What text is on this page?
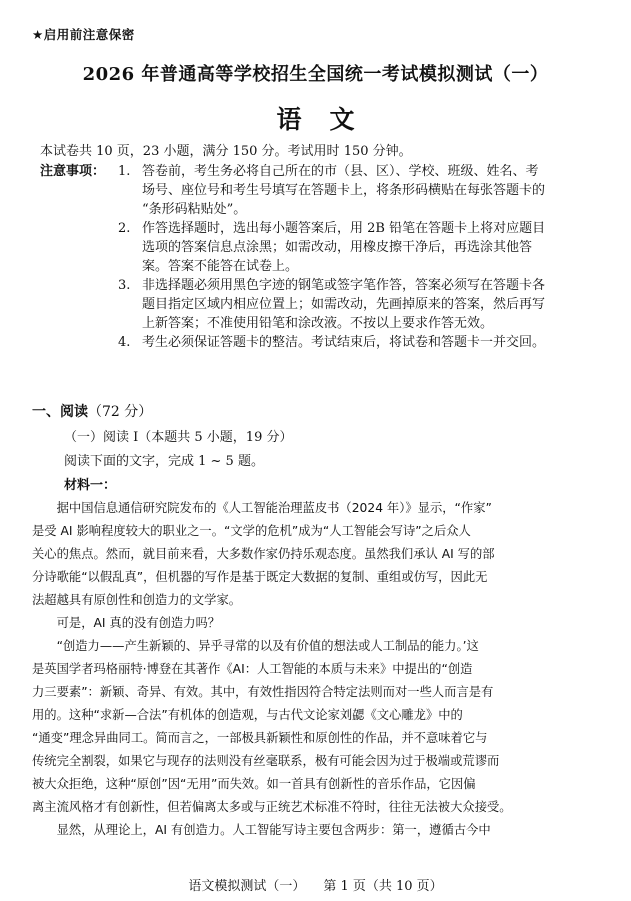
★启用前注意保密
2026 年普通高等学校招生全国统一考试模拟测试（一）
语文
本试卷共 10 页，23 小题，满分 150 分。考试用时 150 分钟。
注意事项： 1. 答卷前，考生务必将自己所在的市（县、区）、学校、班级、姓名、考
场号、座位号和考生号填写在答题卡上，将条形码横贴在每张答题卡的
“条形码粘贴处”。
2. 作答选择题时，选出每小题答案后，用 2B 铅笔在答题卡上将对应题目
选项的答案信息点涂黑；如需改动，用橡皮擦干净后，再选涂其他答
案。答案不能答在试卷上。
3. 非选择题必须用黑色字迹的钢笔或签字笔作答，答案必须写在答题卡各
题目指定区域内相应位置上；如需改动，先画掉原来的答案，然后再写
上新答案；不准使用铅笔和涂改液。不按以上要求作答无效。
4. 考生必须保证答题卡的整洁。考试结束后，将试卷和答题卡一并交回。
一、阅读（72 分）
（一）阅读 I（本题共 5 小题，19 分）
阅读下面的文字，完成 1 ~ 5 题。
材料一：
　　据中国信息通信研究院发布的《人工智能治理蓝皮书（2024 年）》显示，“作家”
是受 AI 影响程度较大的职业之一。“文学的危机”成为“人工智能会写诗”之后众人
关心的焦点。然而，就目前来看，大多数作家仍持乐观态度。虽然我们承认 AI 写的部
分诗歌能“以假乱真”，但机器的写作是基于既定大数据的复制、重组或仿写，因此无
法超越具有原创性和创造力的文学家。
　　可是，AI 真的没有创造力吗？
　　“创造力——产生新颖的、异乎寻常的以及有价值的想法或人工制品的能力。’这
是英国学者玛格丽特·博登在其著作《AI：人工智能的本质与未来》中提出的“创造
力三要素”：新颖、奇异、有效。其中，有效性指因符合特定法则而对一些人而言是有
用的。这种“求新—合法”有机体的创造观，与古代文论家刘勰《文心雕龙》中的
“通变”理念异曲同工。简而言之，一部极具新颖性和原创性的作品，并不意味着它与
传统完全割裂，如果它与现存的法则没有丝毫联系，极有可能会因为过于极端或荒谬而
被大众拒绝，这种“原创”因“无用”而失效。如一首具有创新性的音乐作品，它因偏
离主流风格才有创新性，但若偏离太多或与正统艺术标准不符时，往往无法被大众接受。
　　显然，从理论上，AI 有创造力。人工智能写诗主要包含两步：第一，遵循古今中
语文模拟测试（一） 第 1 页（共 10 页）
